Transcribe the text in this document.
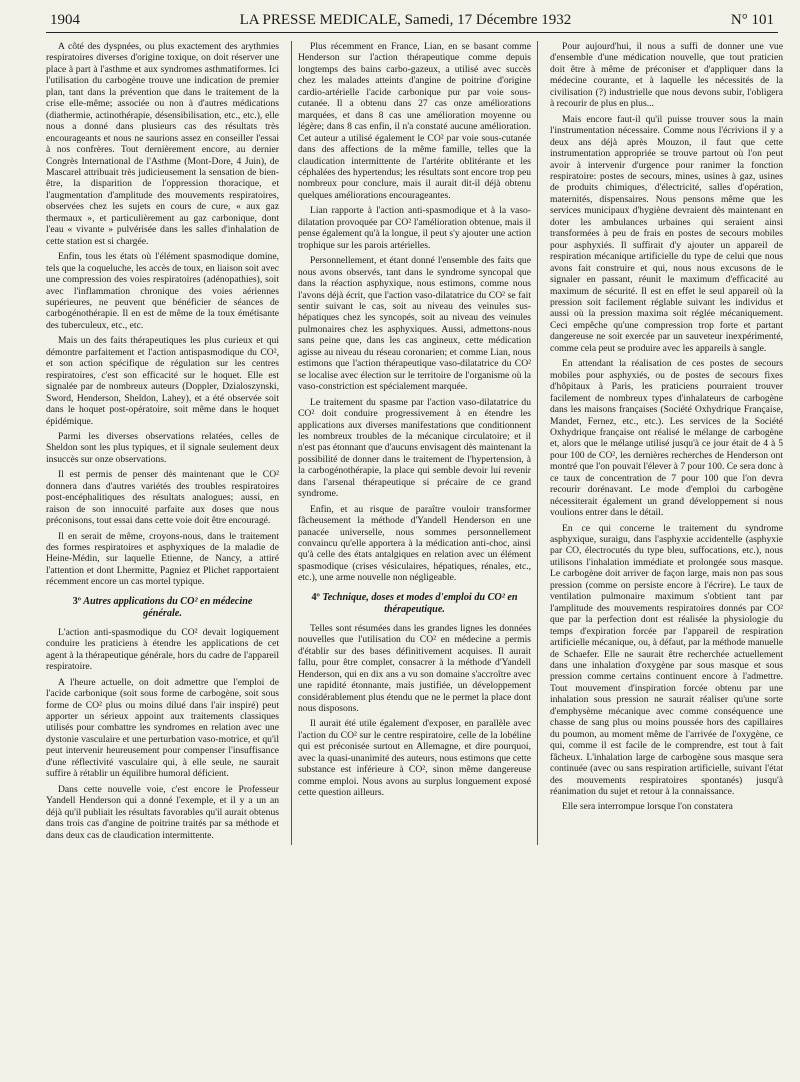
1904	LA PRESSE MEDICALE, Samedi, 17 Décembre 1932	N° 101

A côté des dyspnées, ou plus exactement des arythmies respiratoires diverses d'origine toxique, on doit réserver une place à part à l'asthme et aux syndromes asthmatiformes. Ici l'utilisation du carbogène trouve une indication de premier plan, tant dans la prévention que dans le traitement de la crise elle-même; associée ou non à d'autres médications (diathermie, actinothérapie, désensibilisation, etc., etc.), elle nous a donné dans plusieurs cas des résultats très encourageants et nous ne saurions assez en conseiller l'essai à nos confrères. Tout dernièrement encore, au dernier Congrès International de l'Asthme (Mont-Dore, 4 Juin), de Mascarel attribuait très judicieusement la sensation de bien-être, la disparition de l'oppression thoracique, et l'augmentation d'amplitude des mouvements respiratoires, observées chez les sujets en cours de cure, « aux gaz thermaux », et particulièrement au gaz carbonique, dont l'eau « vivante » pulvérisée dans les salles d'inhalation de cette station est si chargée.

Enfin, tous les états où l'élément spasmodique domine, tels que la coqueluche, les accès de toux, en liaison soit avec une compression des voies respiratoires (adénopathies), soit avec l'inflammation chronique des voies aériennes supérieures, ne peuvent que bénéficier de séances de carbogénothérapie. Il en est de même de la toux émétisante des tuberculeux, etc., etc.

Mais un des faits thérapeutiques les plus curieux et qui démontre parfaitement et l'action antispasmodique du CO², et son action spécifique de régulation sur les centres respiratoires, c'est son efficacité sur le hoquet. Elle est signalée par de nombreux auteurs (Doppler, Dzialoszynski, Sword, Henderson, Sheldon, Lahey), et a été observée soit dans le hoquet post-opératoire, soit même dans le hoquet épidémique.

Parmi les diverses observations relatées, celles de Sheldon sont les plus typiques, et il signale seulement deux insuccès sur onze observations.

Il est permis de penser dès maintenant que le CO² donnera dans d'autres variétés des troubles respiratoires post-encéphalitiques des résultats analogues; aussi, en raison de son innocuité parfaite aux doses que nous préconisons, tout essai dans cette voie doit être encouragé.

Il en serait de même, croyons-nous, dans le traitement des formes respiratoires et asphyxiques de la maladie de Heine-Médin, sur laquelle Etienne, de Nancy, a attiré l'attention et dont Lhermitte, Pagniez et Plichet rapportaient récemment encore un cas mortel typique.

3º Autres applications du CO² en médecine générale.

L'action anti-spasmodique du CO² devait logiquement conduire les praticiens à étendre les applications de cet agent à la thérapeutique générale, hors du cadre de l'appareil respiratoire.

A l'heure actuelle, on doit admettre que l'emploi de l'acide carbonique (soit sous forme de carbogène, soit sous forme de CO² plus ou moins dilué dans l'air inspiré) peut apporter un sérieux appoint aux traitements classiques utilisés pour combattre les syndromes en relation avec une dystonie vasculaire et une perturbation vaso-motrice, et qu'il peut intervenir heureusement pour compenser l'insuffisance d'une réflectivité vasculaire qui, à elle seule, ne saurait suffire à rétablir un équilibre humoral déficient.

Dans cette nouvelle voie, c'est encore le Professeur Yandell Henderson qui a donné l'exemple, et il y a un an déjà qu'il publiait les résultats favorables qu'il aurait obtenus dans trois cas d'angine de poitrine traités par sa méthode et dans deux cas de claudication intermittente.

Plus récemment en France, Lian, en se basant comme Henderson sur l'action thérapeutique comme depuis longtemps des bains carbo-gazeux, a utilisé avec succès chez les malades atteints d'angine de poitrine d'origine cardio-artérielle l'acide carbonique pur par voie sous-cutanée. Il a obtenu dans 27 cas onze améliorations marquées, et dans 8 cas une amélioration moyenne ou légère; dans 8 cas enfin, il n'a constaté aucune amélioration. Cet auteur a utilisé également le CO² par voie sous-cutanée dans des affections de la même famille, telles que la claudication intermittente de l'artérite oblitérante et les céphalées des hypertendus; les résultats sont encore trop peu nombreux pour conclure, mais il aurait dit-il déjà obtenu quelques améliorations encourageantes.

Lian rapporte à l'action anti-spasmodique et à la vaso-dilatation provoquée par CO² l'amélioration obtenue, mais il pense également qu'à la longue, il peut s'y ajouter une action trophique sur les parois artérielles.

Personnellement, et étant donné l'ensemble des faits que nous avons observés, tant dans le syndrome syncopal que dans la réaction asphyxique, nous estimons, comme nous l'avons déjà écrit, que l'action vaso-dilatatrice du CO² se fait sentir suivant le cas, soit au niveau des veinules sus-hépatiques chez les syncopés, soit au niveau des veinules pulmonaires chez les asphyxiques. Aussi, admettons-nous sans peine que, dans les cas angineux, cette médication agisse au niveau du réseau coronarien; et comme Lian, nous estimons que l'action thérapeutique vaso-dilatatrice du CO² se localise avec élection sur le territoire de l'organisme où la vaso-constriction est spécialement marquée.

Le traitement du spasme par l'action vaso-dilatatrice du CO² doit conduire progressivement à en étendre les applications aux diverses manifestations que conditionnent les nombreux troubles de la mécanique circulatoire; et il n'est pas étonnant que d'aucuns envisagent dès maintenant la possibilité de donner dans le traitement de l'hypertension, à la carbogénothérapie, la place qui semble devoir lui revenir dans l'arsenal thérapeutique si précaire de ce grand syndrome.

Enfin, et au risque de paraître vouloir transformer fâcheusement la méthode d'Yandell Henderson en une panacée universelle, nous sommes personnellement convaincu qu'elle apportera à la médication anti-choc, ainsi qu'à celle des états antalgiques en relation avec un élément spasmodique (crises vésiculaires, hépatiques, rénales, etc., etc.), une arme nouvelle non négligeable.

4º Technique, doses et modes d'emploi du CO² en thérapeutique.

Telles sont résumées dans les grandes lignes les données nouvelles que l'utilisation du CO² en médecine a permis d'établir sur des bases définitivement acquises. Il aurait fallu, pour être complet, consacrer à la méthode d'Yandell Henderson, qui en dix ans a vu son domaine s'accroître avec une rapidité étonnante, mais justifiée, un développement considérablement plus étendu que ne le permet la place dont nous disposons.

Il aurait été utile également d'exposer, en parallèle avec l'action du CO² sur le centre respiratoire, celle de la lobéline qui est préconisée surtout en Allemagne, et dire pourquoi, avec la quasi-unanimité des auteurs, nous estimons que cette substance est inférieure à CO², sinon même dangereuse comme emploi. Nous avons au surplus longuement exposé cette question ailleurs.

Pour aujourd'hui, il nous a suffi de donner une vue d'ensemble d'une médication nouvelle, que tout praticien doit être à même de préconiser et d'appliquer dans la médecine courante, et à laquelle les nécessités de la civilisation (?) industrielle que nous devons subir, l'obligera à recourir de plus en plus...

Mais encore faut-il qu'il puisse trouver sous la main l'instrumentation nécessaire. Comme nous l'écrivions il y a deux ans déjà après Mouzon, il faut que cette instrumentation appropriée se trouve partout où l'on peut avoir à intervenir d'urgence pour ranimer la fonction respiratoire: postes de secours, mines, usines à gaz, usines de produits chimiques, d'électricité, salles d'opération, maternités, dispensaires. Nous pensons même que les services municipaux d'hygiène devraient dès maintenant en doter les ambulances urbaines qui seraient ainsi transformées à peu de frais en postes de secours mobiles pour asphyxiés. Il suffirait d'y ajouter un appareil de respiration mécanique artificielle du type de celui que nous avons fait construire et qui, nous nous excusons de le signaler en passant, réunit le maximum d'efficacité au maximum de sécurité. Il est en effet le seul appareil où la pression soit facilement réglable suivant les individus et aussi où la pression maxima soit réglée mécaniquement. Ceci empêche qu'une compression trop forte et partant dangereuse ne soit exercée par un sauveteur inexpérimenté, comme cela peut se produire avec les appareils à sangle.

En attendant la réalisation de ces postes de secours mobiles pour asphyxiés, ou de postes de secours fixes d'hôpitaux à Paris, les praticiens pourraient trouver facilement de nombreux types d'inhalateurs de carbogène dans les maisons françaises (Société Oxhydrique Française, Mandet, Fernez, etc., etc.). Les services de la Société Oxhydrique française ont réalisé le mélange de carbogène et, alors que le mélange utilisé jusqu'à ce jour était de 4 à 5 pour 100 de CO², les dernières recherches de Henderson ont montré que l'on pouvait l'élever à 7 pour 100. Ce sera donc à ce taux de concentration de 7 pour 100 que l'on devra recourir dorénavant. Le mode d'emploi du carbogène nécessiterait également un grand développement si nous voulions entrer dans le détail.

En ce qui concerne le traitement du syndrome asphyxique, suraigu, dans l'asphyxie accidentelle (asphyxie par CO, électrocutés du type bleu, suffocations, etc.), nous utilisons l'inhalation immédiate et prolongée sous masque. Le carbogène doit arriver de façon large, mais non pas sous pression (comme on persiste encore à l'écrire). Le taux de ventilation pulmonaire maximum s'obtient tant par l'amplitude des mouvements respiratoires donnés par CO² que par la perfection dont est réalisée la physiologie du temps d'expiration forcée par l'appareil de respiration artificielle mécanique, ou, à défaut, par la méthode manuelle de Schaefer. Elle ne saurait être recherchée actuellement dans une inhalation d'oxygène par sous masque et sous pression comme certains continuent encore à l'admettre. Tout mouvement d'inspiration forcée obtenu par une inhalation sous pression ne saurait réaliser qu'une sorte d'emphysème mécanique avec comme conséquence une chasse de sang plus ou moins poussée hors des capillaires du poumon, au moment même de l'arrivée de l'oxygène, ce qui, comme il est facile de le comprendre, est tout à fait fâcheux. L'inhalation large de carbogène sous masque sera continuée (avec ou sans respiration artificielle, suivant l'état des mouvements respiratoires spontanés) jusqu'à réanimation du sujet et retour à la connaissance.

Elle sera interrompue lorsque l'on constatera
